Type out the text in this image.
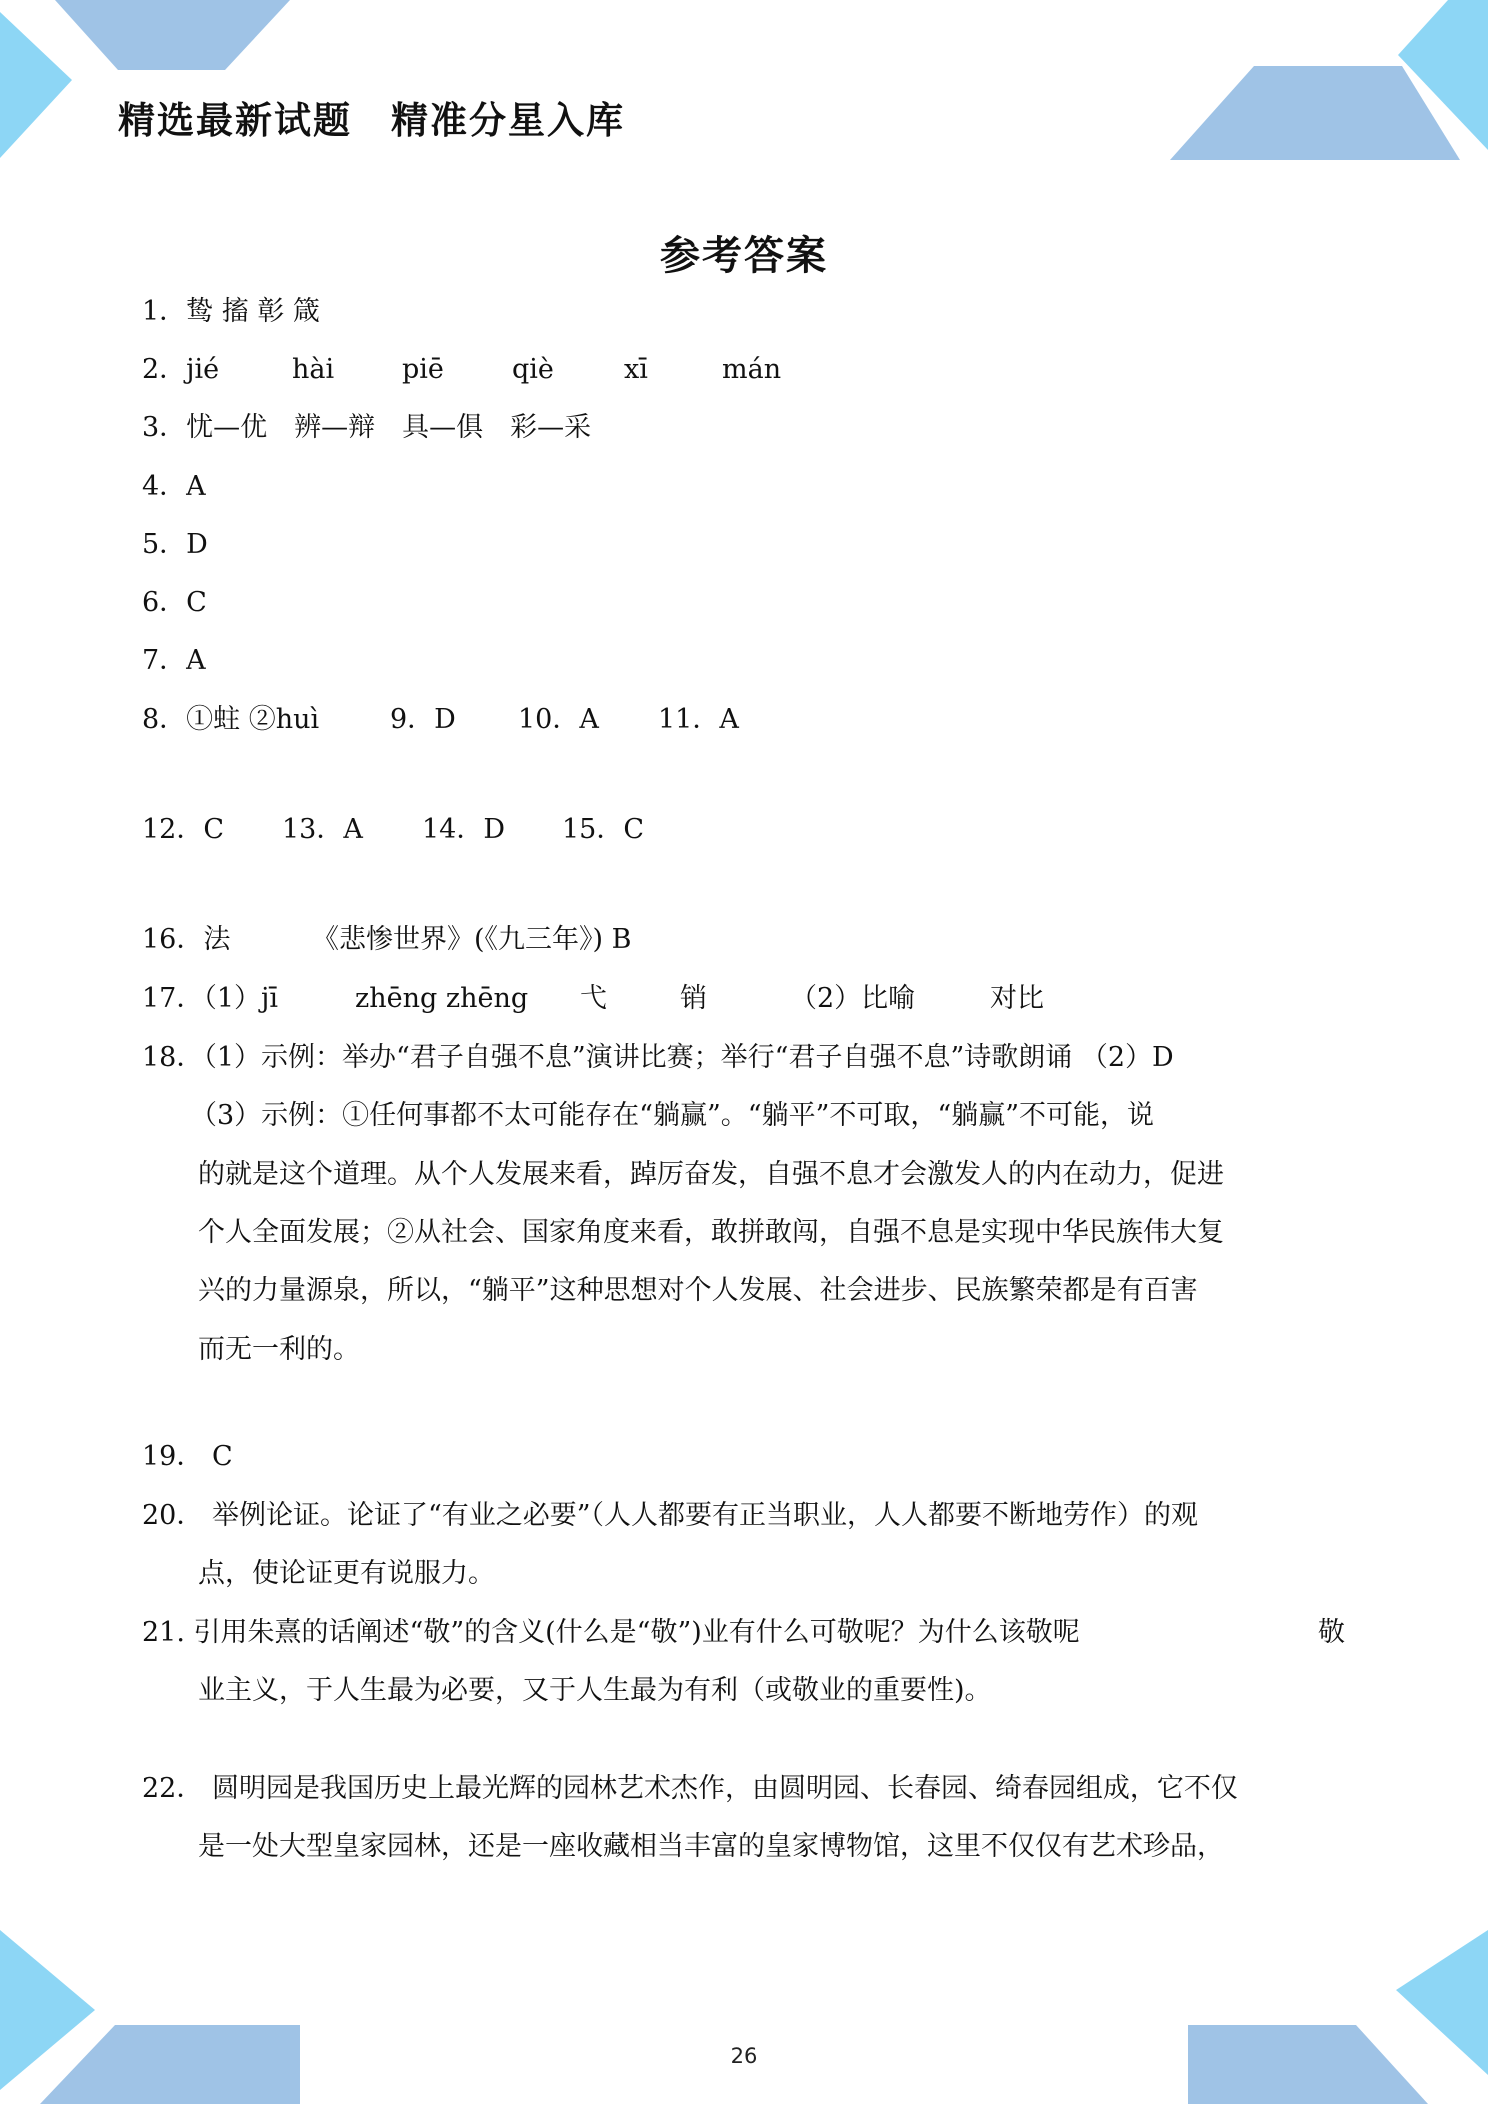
精选最新试题　精准分星入库
参考答案
1．鸷 搐 彰 箴
2．jié	hài	piē	qiè	xī	mán
3．忧—优　辨—辩　具—俱　彩—采
4．A
5．D
6．C
7．A
8．①蛀 ②huì	9．D 10．A 11．A
12．C 13．A 14．D 15．C
16．法	《悲惨世界》(《九三年》) B
17．（1）jī	zhēng zhēng 弋	销	（2）比喻	对比
18．（1）示例：举办“君子自强不息”演讲比赛；举行“君子自强不息”诗歌朗诵 （2）D
（3）示例：①任何事都不太可能存在“躺赢”。“躺平”不可取，“躺赢”不可能，说
的就是这个道理。从个人发展来看，踔厉奋发，自强不息才会激发人的内在动力，促进
个人全面发展；②从社会、国家角度来看，敢拼敢闯，自强不息是实现中华民族伟大复
兴的力量源泉，所以，“躺平”这种思想对个人发展、社会进步、民族繁荣都是有百害
而无一利的。
19． C
20． 举例论证。论证了“有业之必要”（人人都要有正当职业，人人都要不断地劳作）的观
点，使论证更有说服力。
21. 引用朱熹的话阐述“敬”的含义(什么是“敬”)业有什么可敬呢？为什么该敬呢	敬
业主义，于人生最为必要，又于人生最为有利（或敬业的重要性)。
22． 圆明园是我国历史上最光辉的园林艺术杰作，由圆明园、长春园、绮春园组成，它不仅
是一处大型皇家园林，还是一座收藏相当丰富的皇家博物馆，这里不仅仅有艺术珍品，
26
